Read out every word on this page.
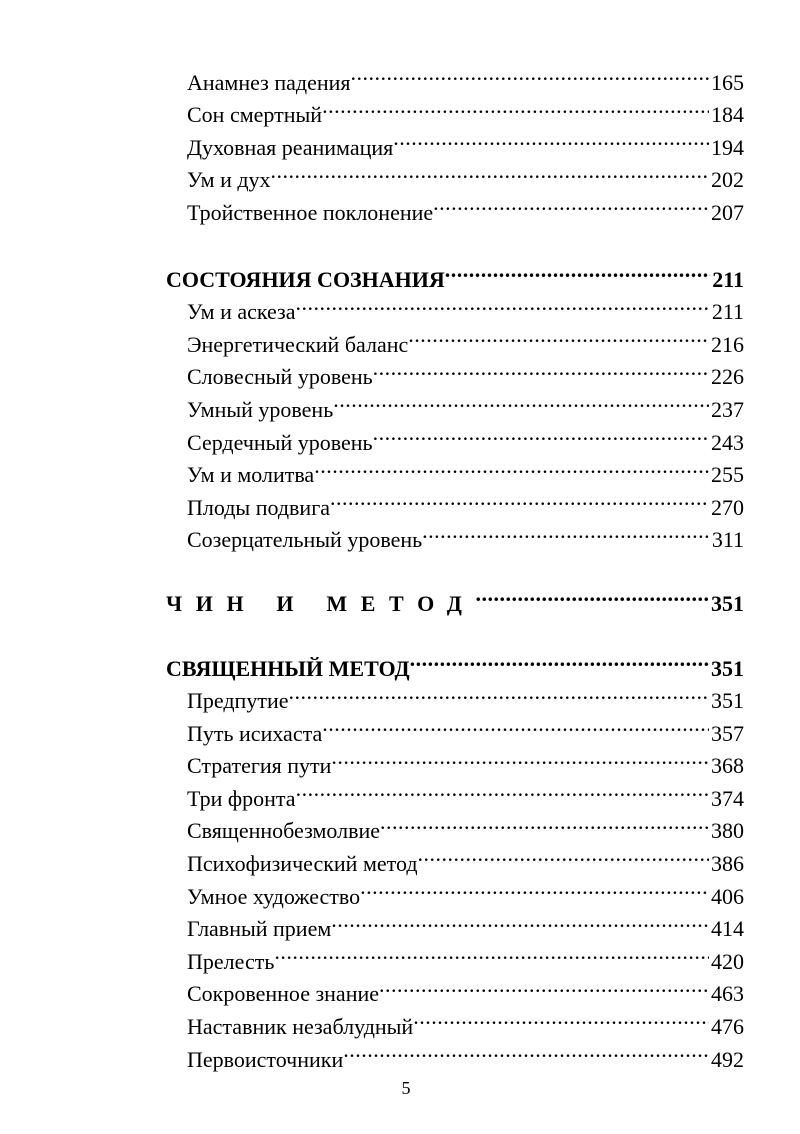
Анамнез падения .....	165
Сон смертный .....	184
Духовная реанимация .....	194
Ум и дух .....	202
Тройственное поклонение .....	207
СОСТОЯНИЯ СОЗНАНИЯ .....	211
Ум и аскеза .....	211
Энергетический баланс .....	216
Словесный уровень .....	226
Умный уровень .....	237
Сердечный уровень .....	243
Ум и молитва .....	255
Плоды подвига .....	270
Созерцательный уровень .....	311
ЧИН И МЕТОД .....	351
СВЯЩЕННЫЙ МЕТОД .....	351
Предпутие .....	351
Путь исихаста .....	357
Стратегия пути .....	368
Три фронта .....	374
Священнобезмолвие .....	380
Психофизический метод .....	386
Умное художество .....	406
Главный прием .....	414
Прелесть .....	420
Сокровенное знание .....	463
Наставник незаблудный .....	476
Первоисточники .....	492
5
